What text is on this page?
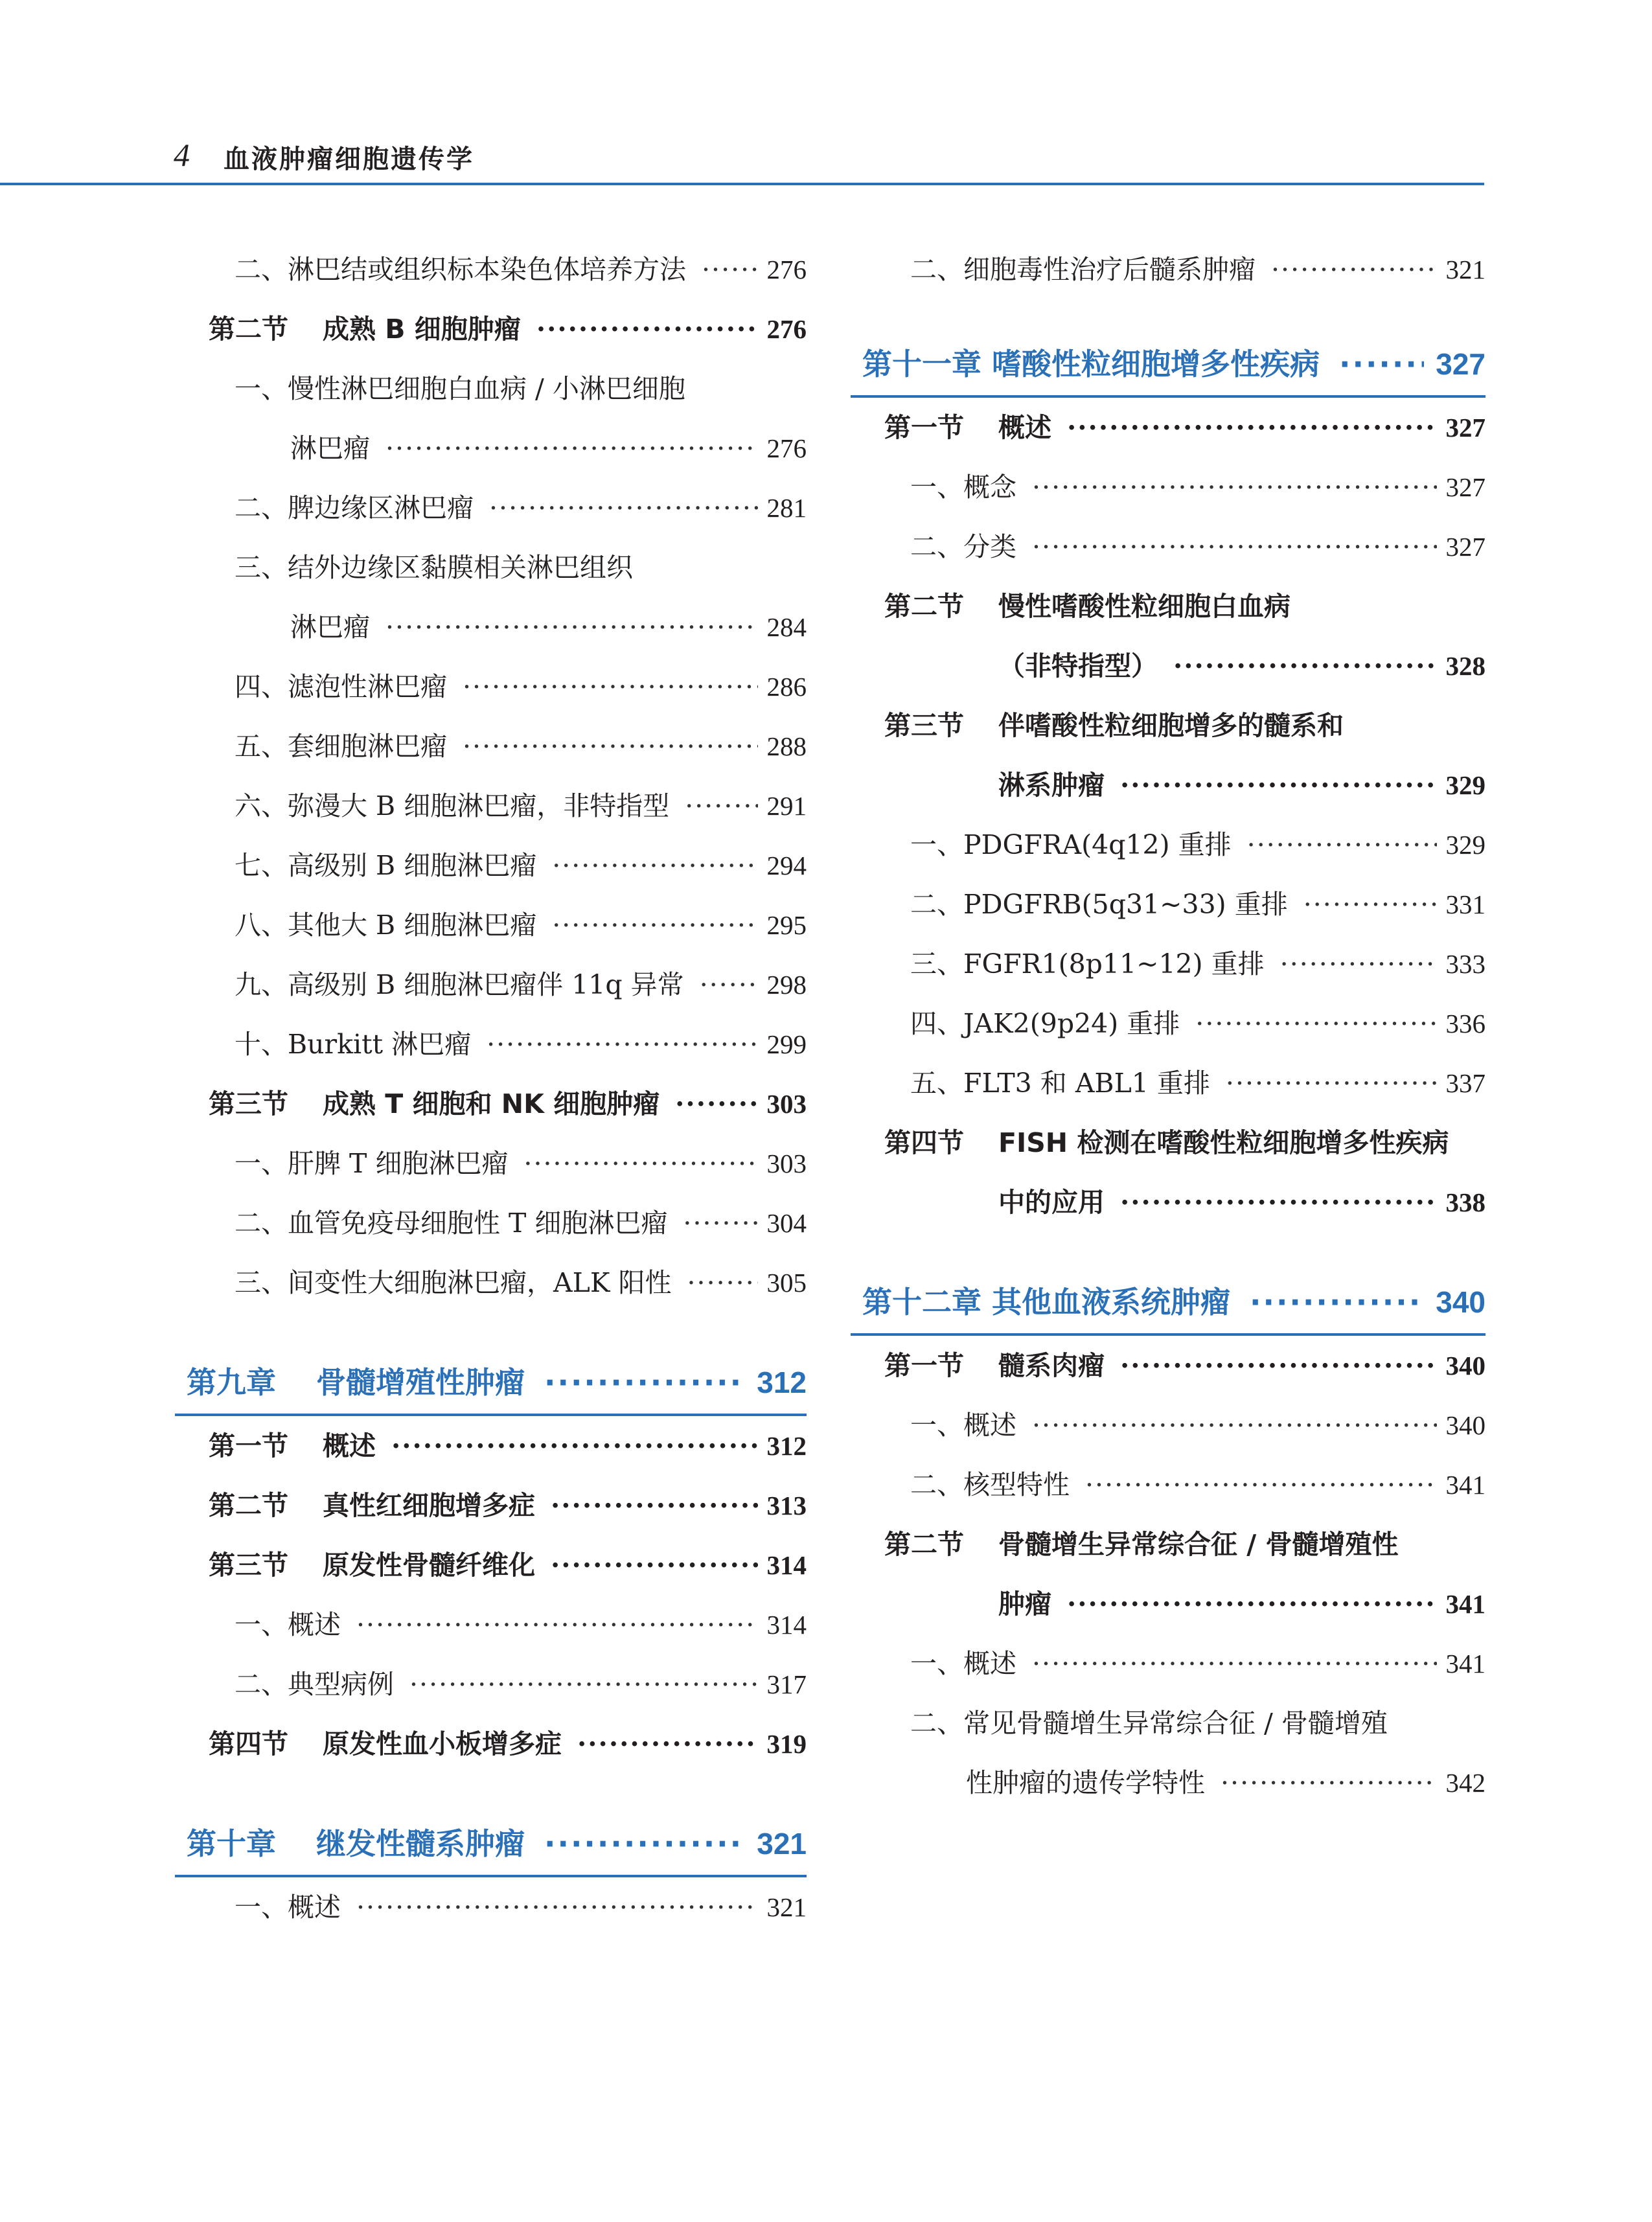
4 血液肿瘤细胞遗传学
二、淋巴结或组织标本染色体培养方法 ·····	276
第二节	成熟 B 细胞肿瘤 ·····	276
一、慢性淋巴细胞白血病 / 小淋巴细胞
淋巴瘤 ·····	276
二、脾边缘区淋巴瘤 ·····	281
三、结外边缘区黏膜相关淋巴组织
淋巴瘤 ·····	284
四、滤泡性淋巴瘤 ·····	286
五、套细胞淋巴瘤 ·····	288
六、弥漫大 B 细胞淋巴瘤，非特指型 ·····	291
七、高级别 B 细胞淋巴瘤 ·····	294
八、其他大 B 细胞淋巴瘤 ·····	295
九、高级别 B 细胞淋巴瘤伴 11q 异常 ·····	298
十、Burkitt 淋巴瘤 ·····	299
第三节	成熟 T 细胞和 NK 细胞肿瘤 ·····	303
一、肝脾 T 细胞淋巴瘤 ·····	303
二、血管免疫母细胞性 T 细胞淋巴瘤 ·····	304
三、间变性大细胞淋巴瘤，ALK 阳性 ·····	305
第九章	骨髓增殖性肿瘤 ·····	312
第一节	概述 ·····	312
第二节	真性红细胞增多症 ·····	313
第三节	原发性骨髓纤维化 ·····	314
一、概述 ·····	314
二、典型病例 ·····	317
第四节	原发性血小板增多症 ·····	319
第十章	继发性髓系肿瘤 ·····	321
一、概述 ·····	321
二、细胞毒性治疗后髓系肿瘤 ·····	321
第十一章 嗜酸性粒细胞增多性疾病 ·····	327
第一节	概述 ·····	327
一、概念 ·····	327
二、分类 ·····	327
第二节	慢性嗜酸性粒细胞白血病
（非特指型） ·····	328
第三节	伴嗜酸性粒细胞增多的髓系和
淋系肿瘤 ·····	329
一、PDGFRA(4q12) 重排 ·····	329
二、PDGFRB(5q31~33) 重排 ·····	331
三、FGFR1(8p11~12) 重排 ·····	333
四、JAK2(9p24) 重排 ·····	336
五、FLT3 和 ABL1 重排 ·····	337
第四节	FISH 检测在嗜酸性粒细胞增多性疾病
中的应用 ·····	338
第十二章 其他血液系统肿瘤 ·····	340
第一节	髓系肉瘤 ·····	340
一、概述 ·····	340
二、核型特性 ·····	341
第二节	骨髓增生异常综合征 / 骨髓增殖性
肿瘤 ·····	341
一、概述 ·····	341
二、常见骨髓增生异常综合征 / 骨髓增殖
性肿瘤的遗传学特性 ·····	342
